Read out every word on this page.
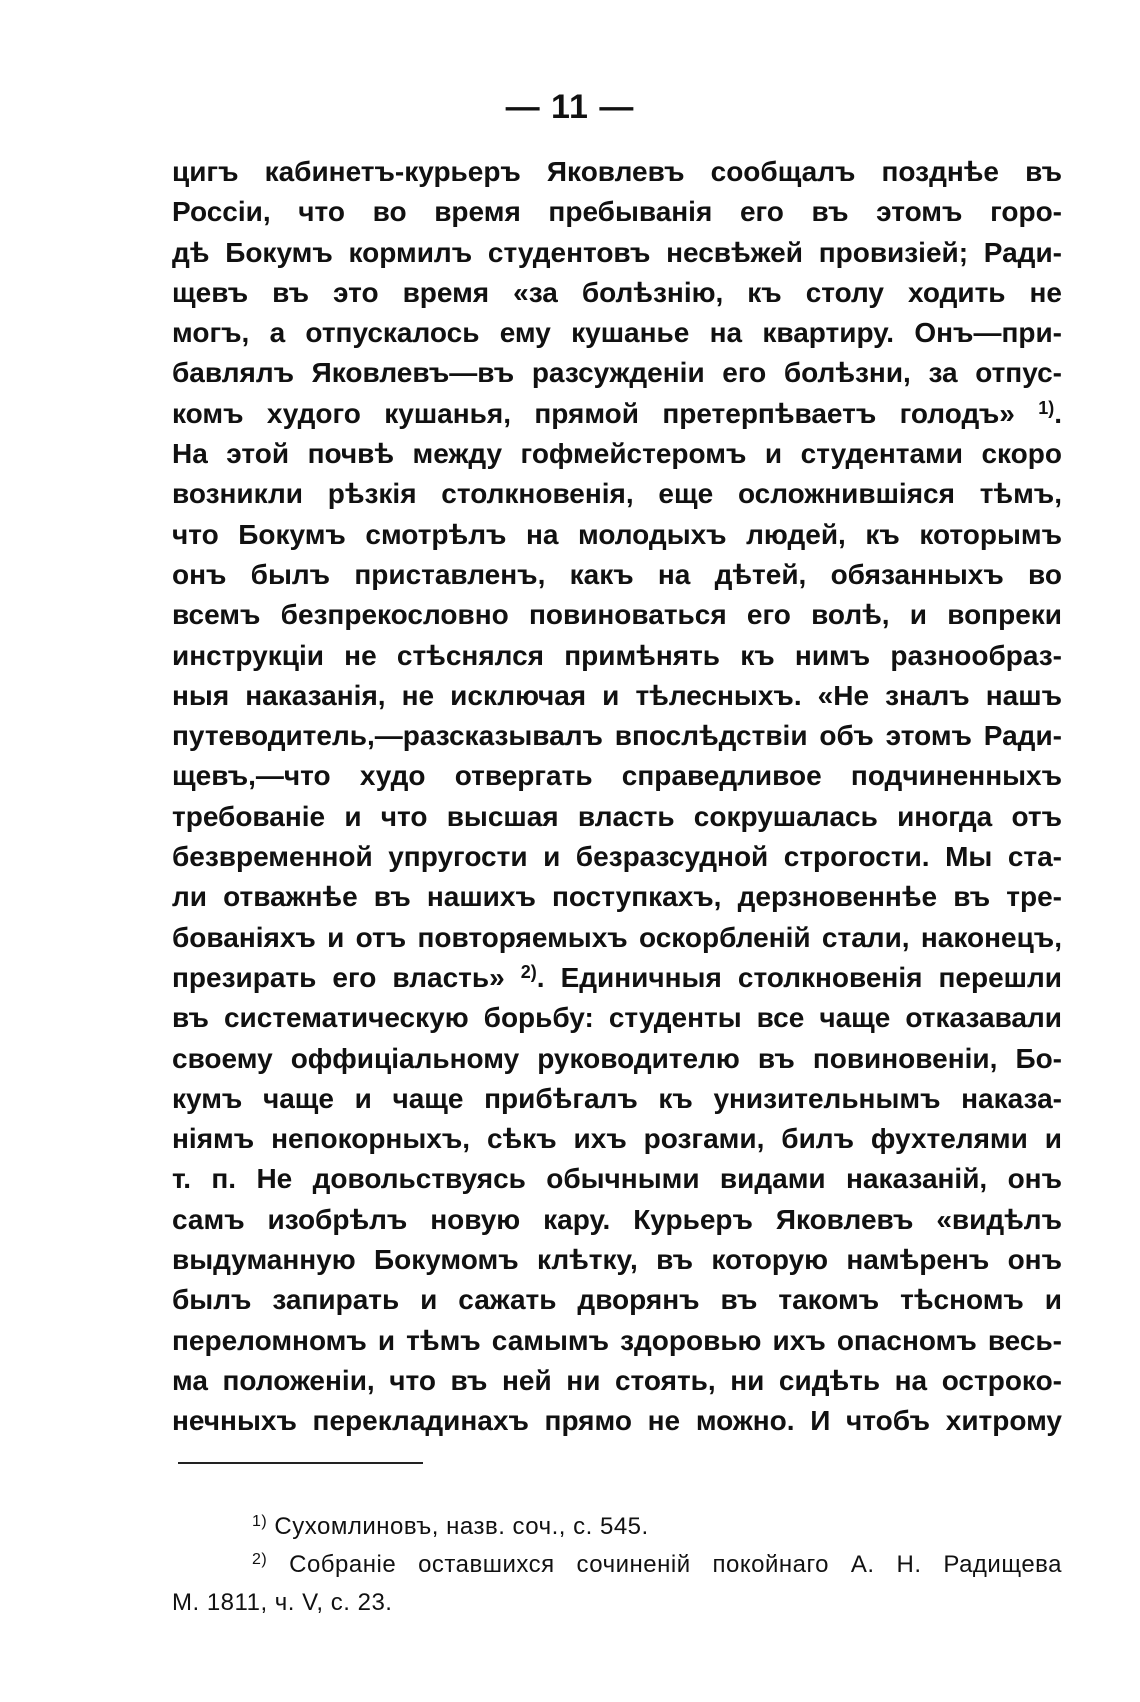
— 11 —
цигъ кабинетъ-курьеръ Яковлевъ сообщалъ позднѣе въ
Россіи, что во время пребыванія его въ этомъ горо-
дѣ Бокумъ кормилъ студентовъ несвѣжей провизіей; Ради-
щевъ въ это время «за болѣзнію, къ столу ходить не
могъ, а отпускалось ему кушанье на квартиру. Онъ—при-
бавлялъ Яковлевъ—въ разсужденіи его болѣзни, за отпус-
комъ худого кушанья, прямой претерпѣваетъ голодъ» $^{1)}$.
На этой почвѣ между гофмейстеромъ и студентами скоро
возникли рѣзкія столкновенія, еще осложнившіяся тѣмъ,
что Бокумъ смотрѣлъ на молодыхъ людей, къ которымъ
онъ былъ приставленъ, какъ на дѣтей, обязанныхъ во
всемъ безпрекословно повиноваться его волѣ, и вопреки
инструкціи не стѣснялся примѣнять къ нимъ разнообраз-
ныя наказанія, не исключая и тѣлесныхъ. «Не зналъ нашъ
путеводитель,—разсказывалъ впослѣдствіи объ этомъ Ради-
щевъ,—что худо отвергать справедливое подчиненныхъ
требованіе и что высшая власть сокрушалась иногда отъ
безвременной упругости и безразсудной строгости. Мы ста-
ли отважнѣе въ нашихъ поступкахъ, дерзновеннѣе въ тре-
бованіяхъ и отъ повторяемыхъ оскорбленій стали, наконецъ,
презирать его власть» $^{2)}$. Единичныя столкновенія перешли
въ систематическую борьбу: студенты все чаще отказавали
своему оффиціальному руководителю въ повиновеніи, Бо-
кумъ чаще и чаще прибѣгалъ къ унизительнымъ наказа-
ніямъ непокорныхъ, сѣкъ ихъ розгами, билъ фухтелями и
т. п. Не довольствуясь обычными видами наказаній, онъ
самъ изобрѣлъ новую кару. Курьеръ Яковлевъ «видѣлъ
выдуманную Бокумомъ клѣтку, въ которую намѣренъ онъ
былъ запирать и сажать дворянъ въ такомъ тѣсномъ и
переломномъ и тѣмъ самымъ здоровью ихъ опасномъ весь-
ма положеніи, что въ ней ни стоять, ни сидѣть на остроко-
нечныхъ перекладинахъ прямо не можно. И чтобъ хитрому
$^{1)}$ Сухомлиновъ, назв. соч., с. 545.
$^{2)}$ Собраніе оставшихся сочиненій покойнаго А. Н. Радищева
М. 1811, ч. V, с. 23.
